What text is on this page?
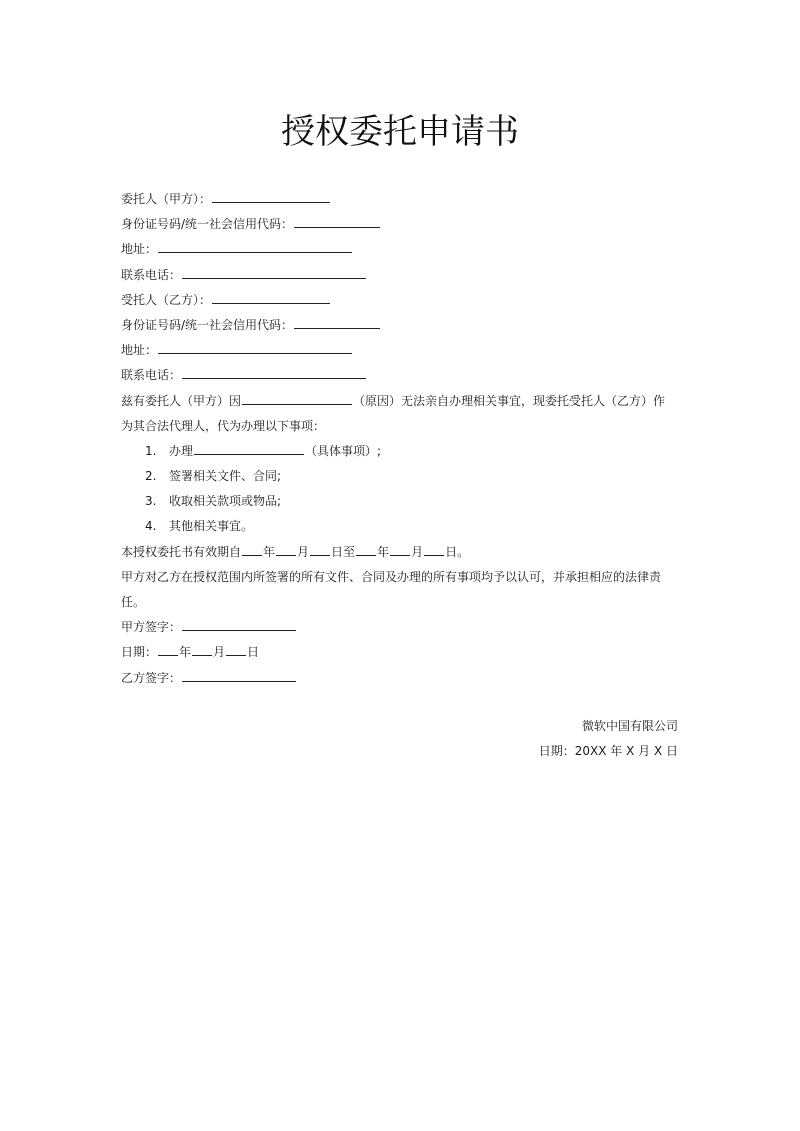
授权委托申请书
委托人（甲方）：
身份证号码/统一社会信用代码：
地址：
联系电话：
受托人（乙方）：
身份证号码/统一社会信用代码：
地址：
联系电话：
兹有委托人（甲方）因	（原因）无法亲自办理相关事宜，现委托受托人（乙方）作
为其合法代理人，代为办理以下事项：
1. 办理	（具体事项）;
2. 签署相关文件、合同;
3. 收取相关款项或物品;
4. 其他相关事宜。
本授权委托书有效期自 年 月 日至 年 月 日。
甲方对乙方在授权范围内所签署的所有文件、合同及办理的所有事项均予以认可，并承担相应的法律责任。
甲方签字：
日期： 年 月 日
乙方签字：
微软中国有限公司
日期：20XX 年 X 月 X 日
